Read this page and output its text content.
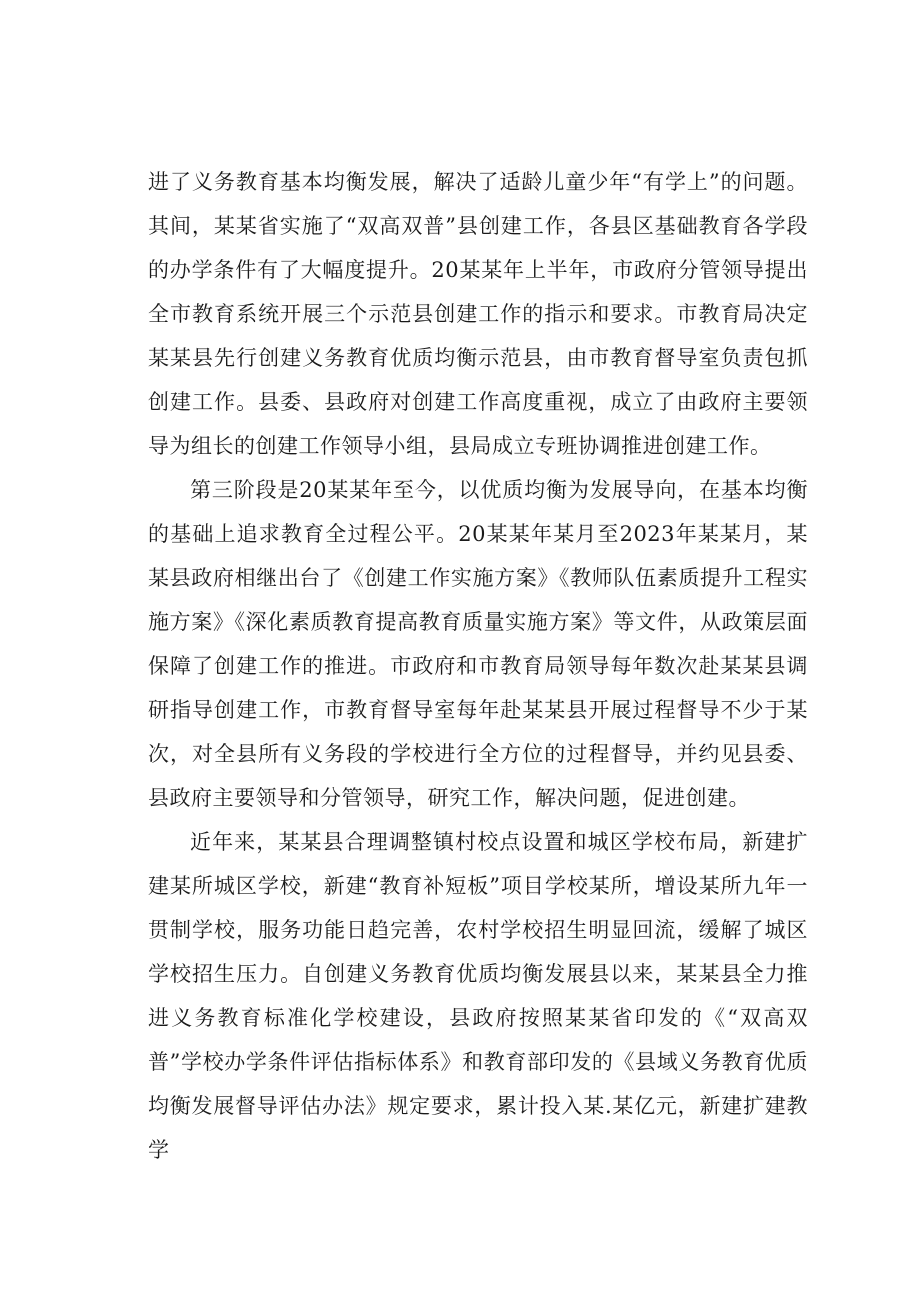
进了义务教育基本均衡发展，解决了适龄儿童少年“有学上”的问题。其间，某某省实施了“双高双普”县创建工作，各县区基础教育各学段的办学条件有了大幅度提升。20某某年上半年，市政府分管领导提出全市教育系统开展三个示范县创建工作的指示和要求。市教育局决定某某县先行创建义务教育优质均衡示范县，由市教育督导室负责包抓创建工作。县委、县政府对创建工作高度重视，成立了由政府主要领导为组长的创建工作领导小组，县局成立专班协调推进创建工作。

第三阶段是20某某年至今，以优质均衡为发展导向，在基本均衡的基础上追求教育全过程公平。20某某年某月至2023年某某月，某某县政府相继出台了《创建工作实施方案》《教师队伍素质提升工程实施方案》《深化素质教育提高教育质量实施方案》等文件，从政策层面保障了创建工作的推进。市政府和市教育局领导每年数次赴某某县调研指导创建工作，市教育督导室每年赴某某县开展过程督导不少于某次，对全县所有义务段的学校进行全方位的过程督导，并约见县委、县政府主要领导和分管领导，研究工作，解决问题，促进创建。

近年来，某某县合理调整镇村校点设置和城区学校布局，新建扩建某所城区学校，新建“教育补短板”项目学校某所，增设某所九年一贯制学校，服务功能日趋完善，农村学校招生明显回流，缓解了城区学校招生压力。自创建义务教育优质均衡发展县以来，某某县全力推进义务教育标准化学校建设，县政府按照某某省印发的《“双高双普”学校办学条件评估指标体系》和教育部印发的《县域义务教育优质均衡发展督导评估办法》规定要求，累计投入某.某亿元，新建扩建教学
